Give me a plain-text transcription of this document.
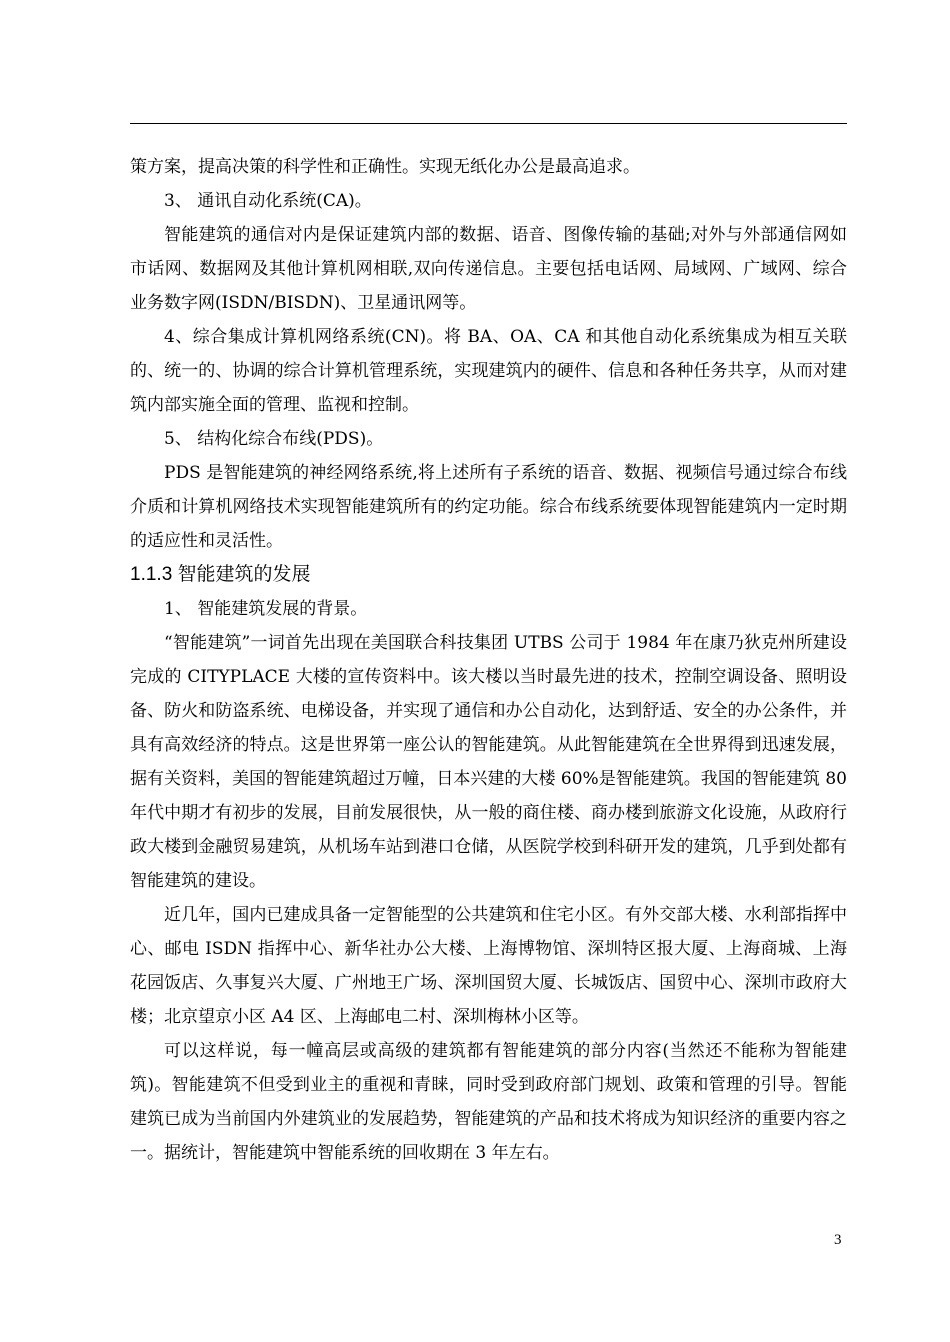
策方案，提高决策的科学性和正确性。实现无纸化办公是最高追求。

3、 通讯自动化系统(CA)。

智能建筑的通信对内是保证建筑内部的数据、语音、图像传输的基础;对外与外部通信网如市话网、数据网及其他计算机网相联,双向传递信息。主要包括电话网、局域网、广域网、综合业务数字网(ISDN/BISDN)、卫星通讯网等。

4、综合集成计算机网络系统(CN)。将 BA、OA、CA 和其他自动化系统集成为相互关联的、统一的、协调的综合计算机管理系统，实现建筑内的硬件、信息和各种任务共享，从而对建筑内部实施全面的管理、监视和控制。

5、 结构化综合布线(PDS)。

PDS 是智能建筑的神经网络系统,将上述所有子系统的语音、数据、视频信号通过综合布线介质和计算机网络技术实现智能建筑所有的约定功能。综合布线系统要体现智能建筑内一定时期的适应性和灵活性。

1.1.3 智能建筑的发展

1、 智能建筑发展的背景。

“智能建筑”一词首先出现在美国联合科技集团 UTBS 公司于 1984 年在康乃狄克州所建设完成的 CITYPLACE 大楼的宣传资料中。该大楼以当时最先进的技术，控制空调设备、照明设备、防火和防盗系统、电梯设备，并实现了通信和办公自动化，达到舒适、安全的办公条件，并具有高效经济的特点。这是世界第一座公认的智能建筑。从此智能建筑在全世界得到迅速发展，据有关资料，美国的智能建筑超过万幢，日本兴建的大楼 60%是智能建筑。我国的智能建筑 80 年代中期才有初步的发展，目前发展很快，从一般的商住楼、商办楼到旅游文化设施，从政府行政大楼到金融贸易建筑，从机场车站到港口仓储，从医院学校到科研开发的建筑，几乎到处都有智能建筑的建设。

近几年，国内已建成具备一定智能型的公共建筑和住宅小区。有外交部大楼、水利部指挥中心、邮电 ISDN 指挥中心、新华社办公大楼、上海博物馆、深圳特区报大厦、上海商城、上海花园饭店、久事复兴大厦、广州地王广场、深圳国贸大厦、长城饭店、国贸中心、深圳市政府大楼；北京望京小区 A4 区、上海邮电二村、深圳梅林小区等。

可以这样说，每一幢高层或高级的建筑都有智能建筑的部分内容(当然还不能称为智能建筑)。智能建筑不但受到业主的重视和青睐，同时受到政府部门规划、政策和管理的引导。智能建筑已成为当前国内外建筑业的发展趋势，智能建筑的产品和技术将成为知识经济的重要内容之一。据统计，智能建筑中智能系统的回收期在 3 年左右。

3
